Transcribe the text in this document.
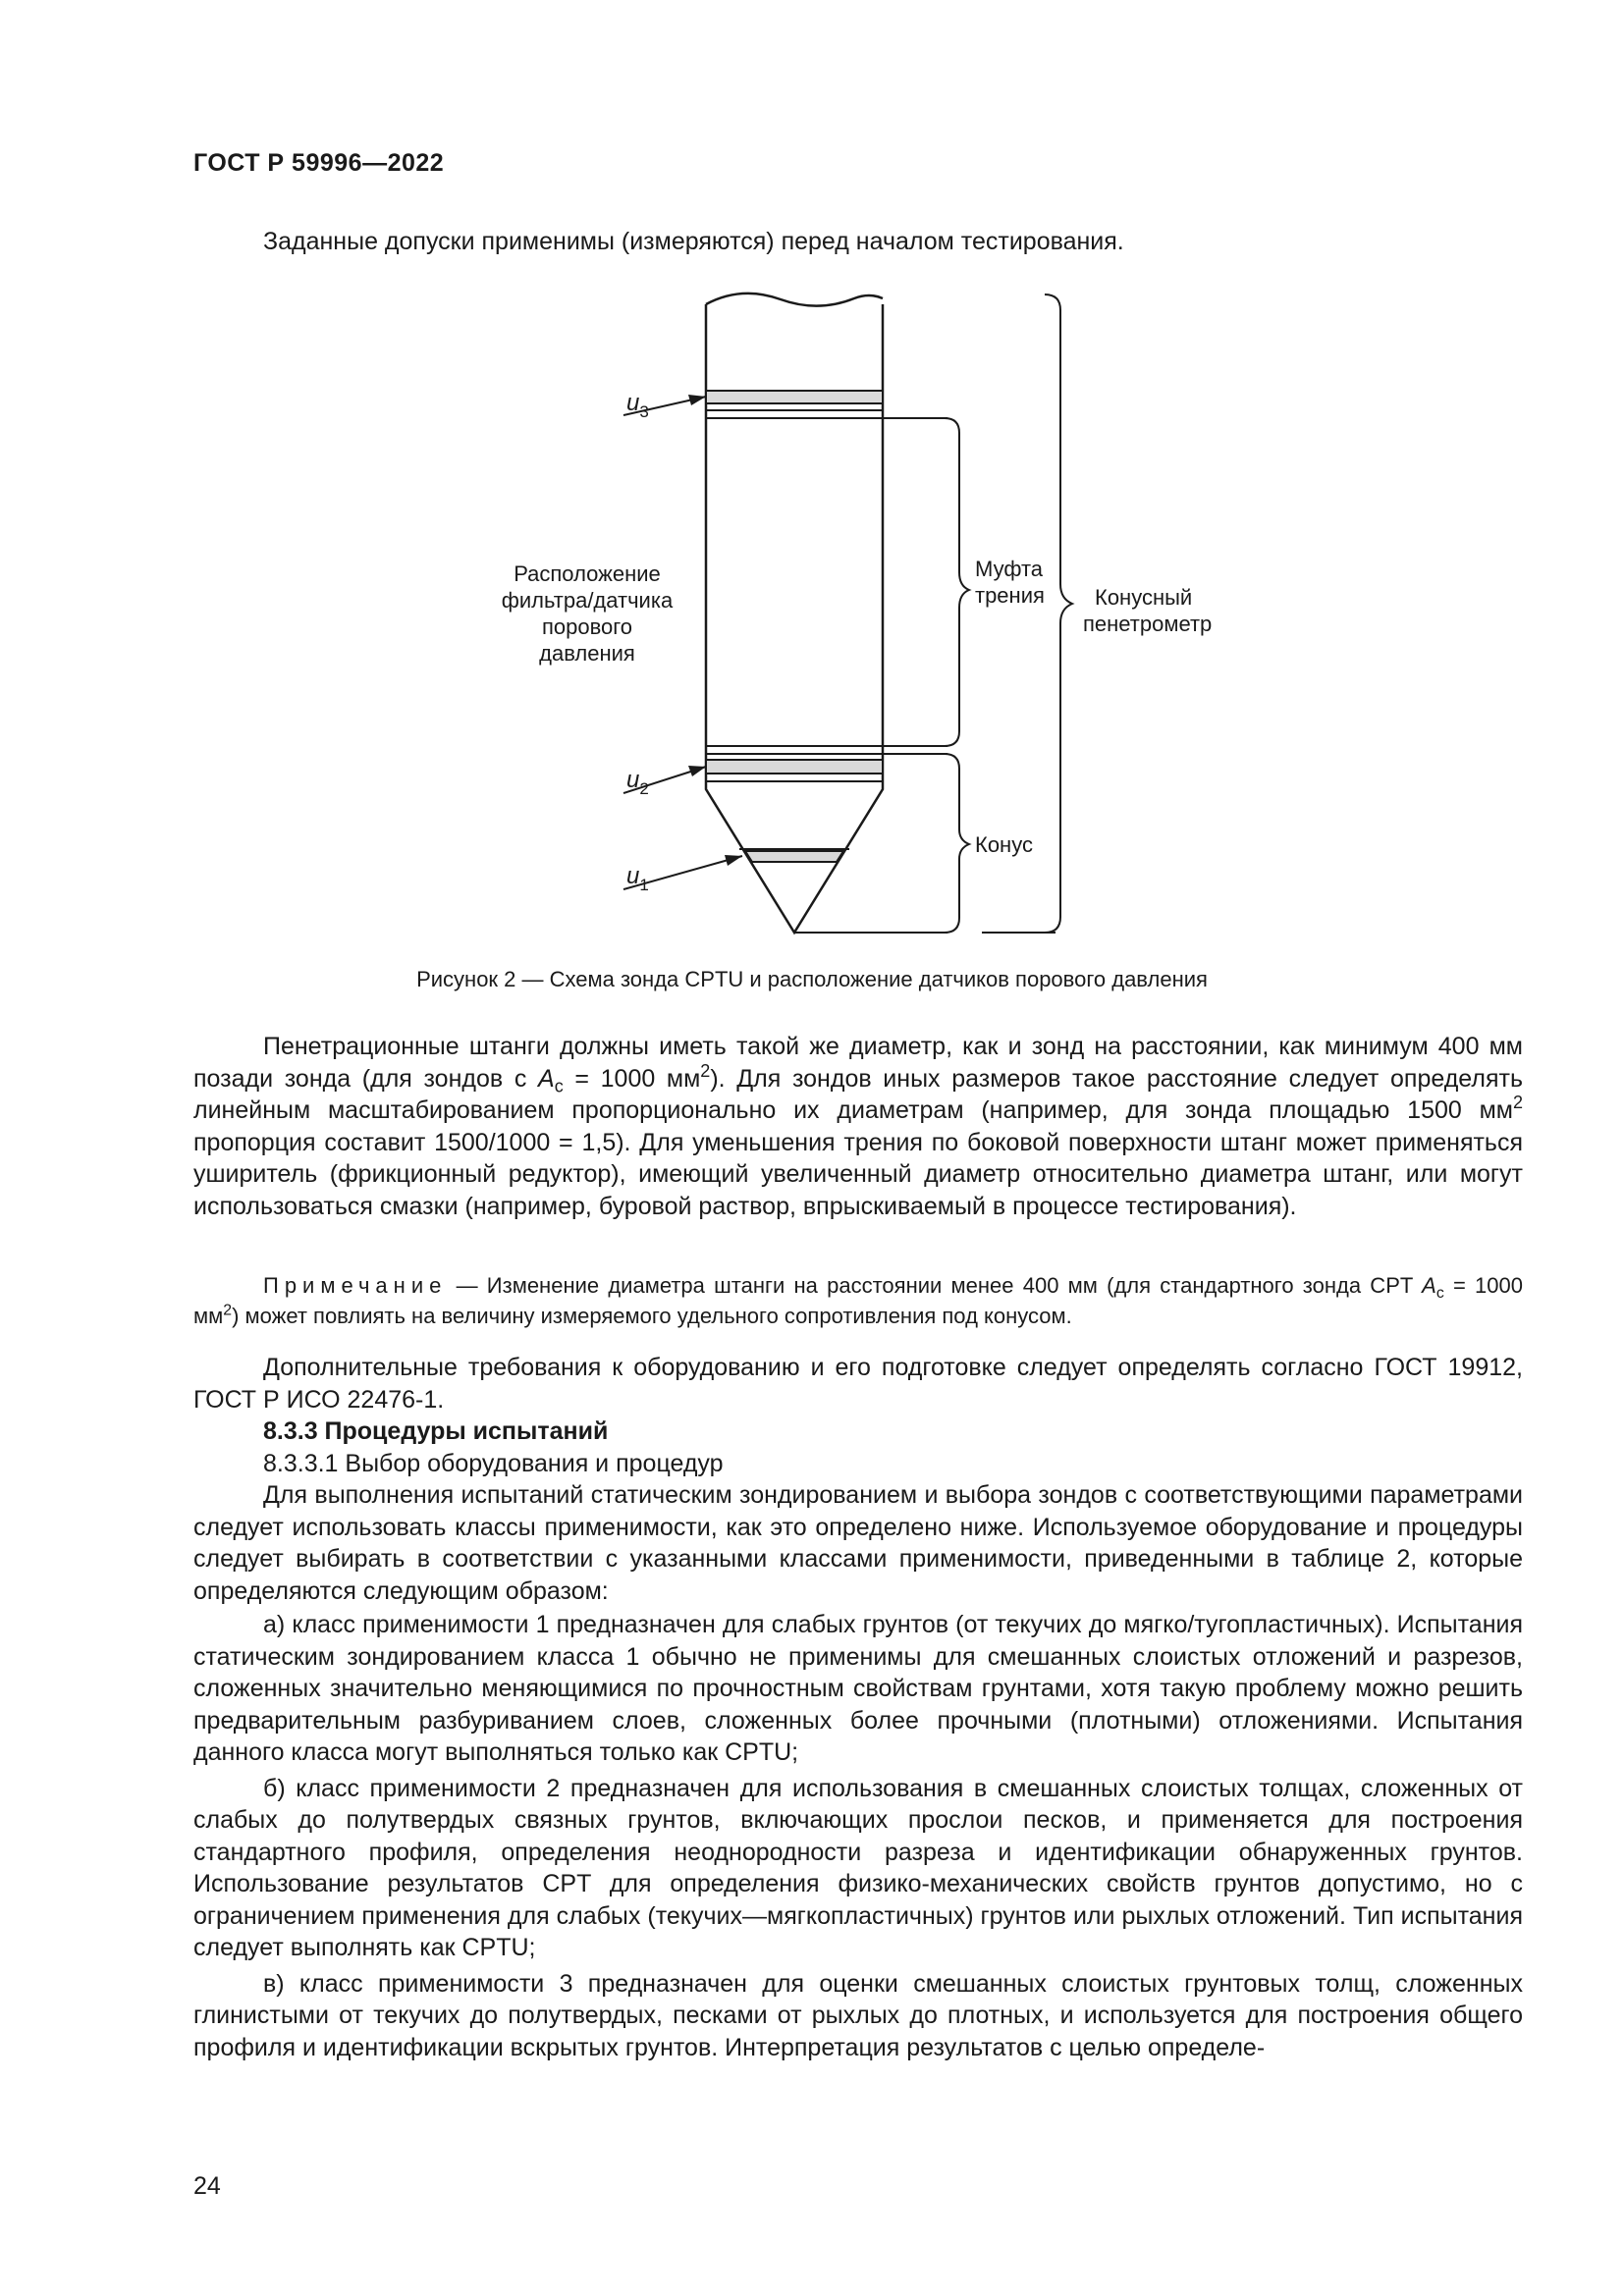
ГОСТ Р 59996—2022
Заданные допуски применимы (измеряются) перед началом тестирования.
$u_3$
$u_2$
$u_1$
Расположение
фильтра/датчика
порового
давления
Муфта
трения
Конус
Конусный
пенетрометр
Рисунок 2 — Схема зонда CPTU и расположение датчиков порового давления

Пенетрационные штанги должны иметь такой же диаметр, как и зонд на расстоянии, как минимум 400 мм позади зонда (для зондов с $A_c = 1000$ $мм^2$). Для зондов иных размеров такое расстояние следует определять линейным масштабированием пропорционально их диаметрам (например, для зонда площадью 1500 $мм^2$ пропорция составит 1500/1000 = 1,5). Для уменьшения трения по боковой поверхности штанг может применяться уширитель (фрикционный редуктор), имеющий увеличенный диаметр относительно диаметра штанг, или могут использоваться смазки (например, буровой раствор, впрыскиваемый в процессе тестирования).

Примечание — Изменение диаметра штанги на расстоянии менее 400 мм (для стандартного зонда CPT $A_c = 1000$ $мм^2$) может повлиять на величину измеряемого удельного сопротивления под конусом.

Дополнительные требования к оборудованию и его подготовке следует определять согласно ГОСТ 19912, ГОСТ Р ИСО 22476-1.

8.3.3 Процедуры испытаний

8.3.3.1 Выбор оборудования и процедур

Для выполнения испытаний статическим зондированием и выбора зондов с соответствующими параметрами следует использовать классы применимости, как это определено ниже. Используемое оборудование и процедуры следует выбирать в соответствии с указанными классами применимости, приведенными в таблице 2, которые определяются следующим образом:

а) класс применимости 1 предназначен для слабых грунтов (от текучих до мягко/тугопластичных). Испытания статическим зондированием класса 1 обычно не применимы для смешанных слоистых отложений и разрезов, сложенных значительно меняющимися по прочностным свойствам грунтами, хотя такую проблему можно решить предварительным разбуриванием слоев, сложенных более прочными (плотными) отложениями. Испытания данного класса могут выполняться только как CPTU;

б) класс применимости 2 предназначен для использования в смешанных слоистых толщах, сложенных от слабых до полутвердых связных грунтов, включающих прослои песков, и применяется для построения стандартного профиля, определения неоднородности разреза и идентификации обнаруженных грунтов. Использование результатов CPT для определения физико-механических свойств грунтов допустимо, но с ограничением применения для слабых (текучих—мягкопластичных) грунтов или рыхлых отложений. Тип испытания следует выполнять как CPTU;

в) класс применимости 3 предназначен для оценки смешанных слоистых грунтовых толщ, сложенных глинистыми от текучих до полутвердых, песками от рыхлых до плотных, и используется для построения общего профиля и идентификации вскрытых грунтов. Интерпретация результатов с целью определе-

24
